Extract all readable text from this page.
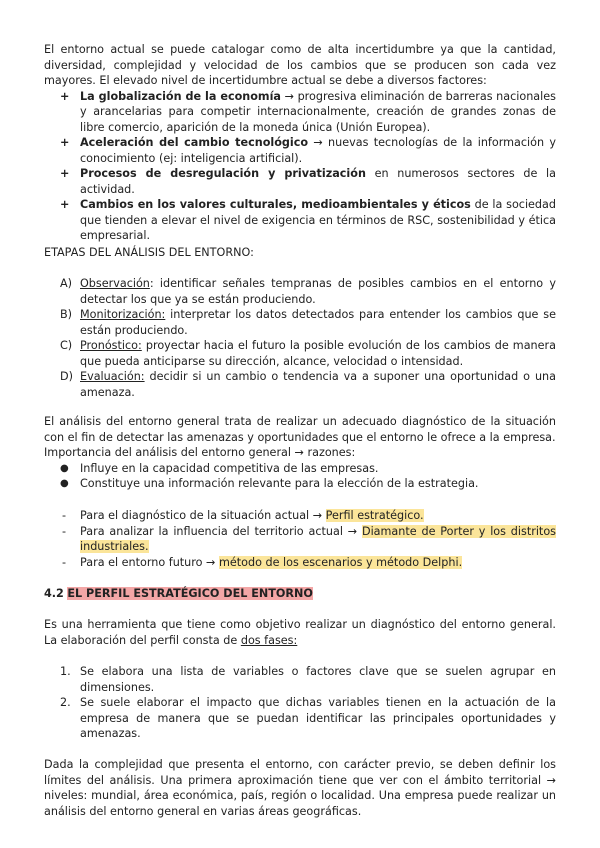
El entorno actual se puede catalogar como de alta incertidumbre ya que la cantidad, diversidad, complejidad y velocidad de los cambios que se producen son cada vez mayores. El elevado nivel de incertidumbre actual se debe a diversos factores:

+ La globalización de la economía → progresiva eliminación de barreras nacionales y arancelarias para competir internacionalmente, creación de grandes zonas de libre comercio, aparición de la moneda única (Unión Europea).
+ Aceleración del cambio tecnológico → nuevas tecnologías de la información y conocimiento (ej: inteligencia artificial).
+ Procesos de desregulación y privatización en numerosos sectores de la actividad.
+ Cambios en los valores culturales, medioambientales y éticos de la sociedad que tienden a elevar el nivel de exigencia en términos de RSC, sostenibilidad y ética empresarial.

ETAPAS DEL ANÁLISIS DEL ENTORNO:

A) Observación: identificar señales tempranas de posibles cambios en el entorno y detectar los que ya se están produciendo.
B) Monitorización: interpretar los datos detectados para entender los cambios que se están produciendo.
C) Pronóstico: proyectar hacia el futuro la posible evolución de los cambios de manera que pueda anticiparse su dirección, alcance, velocidad o intensidad.
D) Evaluación: decidir si un cambio o tendencia va a suponer una oportunidad o una amenaza.

El análisis del entorno general trata de realizar un adecuado diagnóstico de la situación con el fin de detectar las amenazas y oportunidades que el entorno le ofrece a la empresa.

Importancia del análisis del entorno general → razones:

● Influye en la capacidad competitiva de las empresas.
● Constituye una información relevante para la elección de la estrategia.
- Para el diagnóstico de la situación actual → Perfil estratégico.
- Para analizar la influencia del territorio actual → Diamante de Porter y los distritos industriales.
- Para el entorno futuro → método de los escenarios y método Delphi.

4.2 EL PERFIL ESTRATÉGICO DEL ENTORNO

Es una herramienta que tiene como objetivo realizar un diagnóstico del entorno general. La elaboración del perfil consta de dos fases:

1. Se elabora una lista de variables o factores clave que se suelen agrupar en dimensiones.
2. Se suele elaborar el impacto que dichas variables tienen en la actuación de la empresa de manera que se puedan identificar las principales oportunidades y amenazas.

Dada la complejidad que presenta el entorno, con carácter previo, se deben definir los límites del análisis. Una primera aproximación tiene que ver con el ámbito territorial → niveles: mundial, área económica, país, región o localidad. Una empresa puede realizar un análisis del entorno general en varias áreas geográficas.
